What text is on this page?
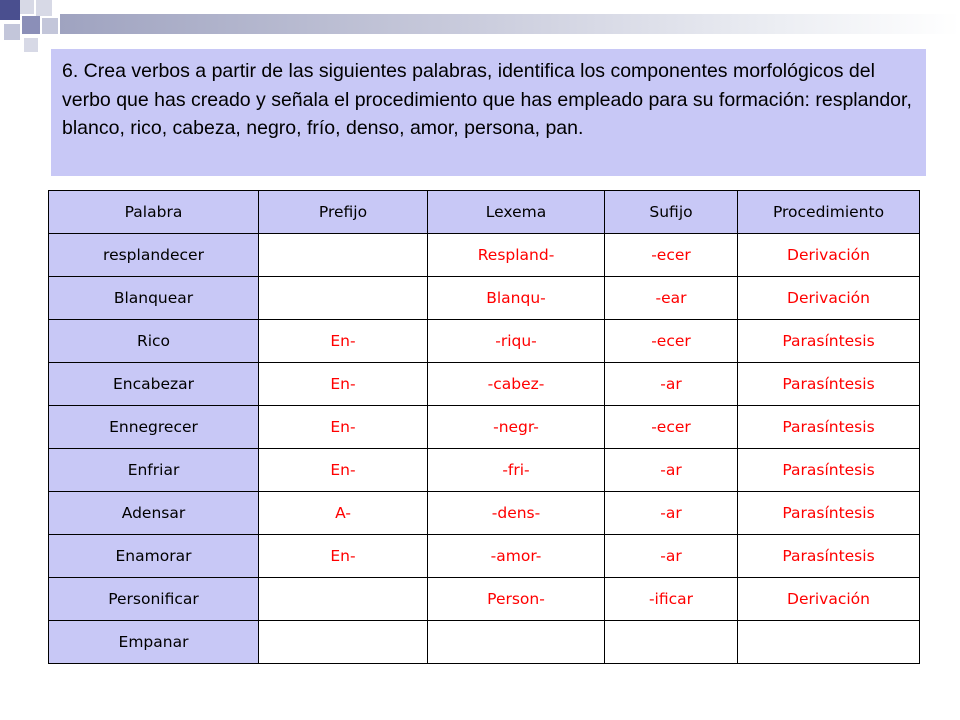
6. Crea verbos a partir de las siguientes palabras, identifica los componentes morfológicos del verbo que has creado y señala el procedimiento que has empleado para su formación: resplandor, blanco, rico, cabeza, negro, frío, denso, amor, persona, pan.
Palabra	Prefijo	Lexema	Sufijo	Procedimiento
resplandecer		Respland-	-ecer	Derivación
Blanquear		Blanqu-	-ear	Derivación
Rico	En-	-riqu-	-ecer	Parasíntesis
Encabezar	En-	-cabez-	-ar	Parasíntesis
Ennegrecer	En-	-negr-	-ecer	Parasíntesis
Enfriar	En-	-fri-	-ar	Parasíntesis
Adensar	A-	-dens-	-ar	Parasíntesis
Enamorar	En-	-amor-	-ar	Parasíntesis
Personificar		Person-	-ificar	Derivación
Empanar				
